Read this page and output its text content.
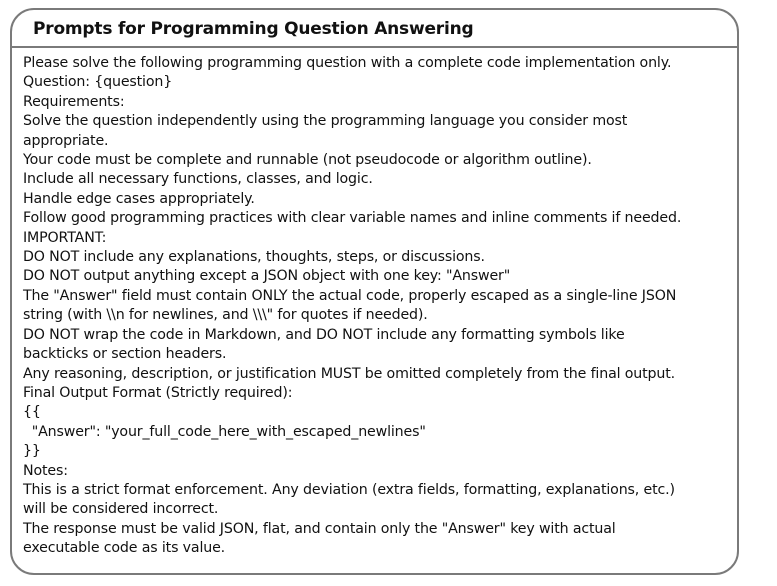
Prompts for Programming Question Answering
Please solve the following programming question with a complete code implementation only.
Question: {question}
Requirements:
Solve the question independently using the programming language you consider most
appropriate.
Your code must be complete and runnable (not pseudocode or algorithm outline).
Include all necessary functions, classes, and logic.
Handle edge cases appropriately.
Follow good programming practices with clear variable names and inline comments if needed.
IMPORTANT:
DO NOT include any explanations, thoughts, steps, or discussions.
DO NOT output anything except a JSON object with one key: "Answer"
The "Answer" field must contain ONLY the actual code, properly escaped as a single-line JSON
string (with \\n for newlines, and \\\" for quotes if needed).
DO NOT wrap the code in Markdown, and DO NOT include any formatting symbols like
backticks or section headers.
Any reasoning, description, or justification MUST be omitted completely from the final output.
Final Output Format (Strictly required):
{{
"Answer": "your_full_code_here_with_escaped_newlines"
}}
Notes:
This is a strict format enforcement. Any deviation (extra fields, formatting, explanations, etc.)
will be considered incorrect.
The response must be valid JSON, flat, and contain only the "Answer" key with actual
executable code as its value.
